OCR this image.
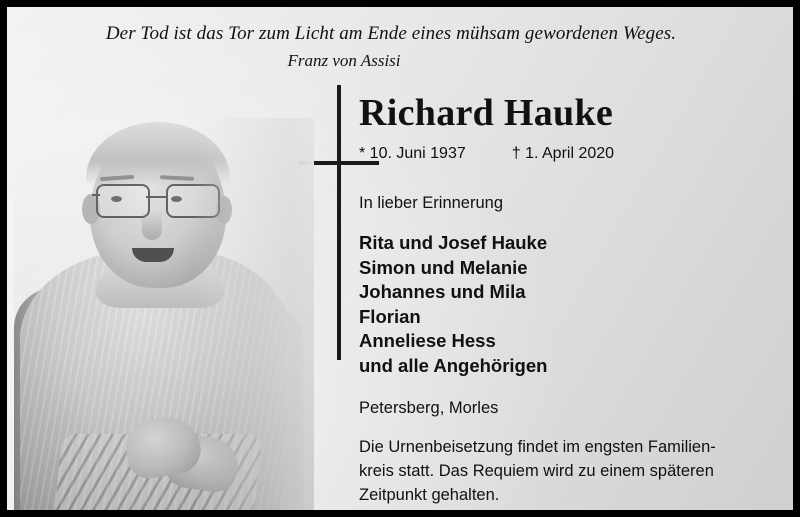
Der Tod ist das Tor zum Licht am Ende eines mühsam gewordenen Weges.
Franz von Assisi
Richard Hauke
* 10. Juni 1937	† 1. April 2020
In lieber Erinnerung
Rita und Josef Hauke
Simon und Melanie
Johannes und Mila
Florian
Anneliese Hess
und alle Angehörigen
Petersberg, Morles
Die Urnenbeisetzung findet im engsten Familien-
kreis statt. Das Requiem wird zu einem späteren
Zeitpunkt gehalten.
